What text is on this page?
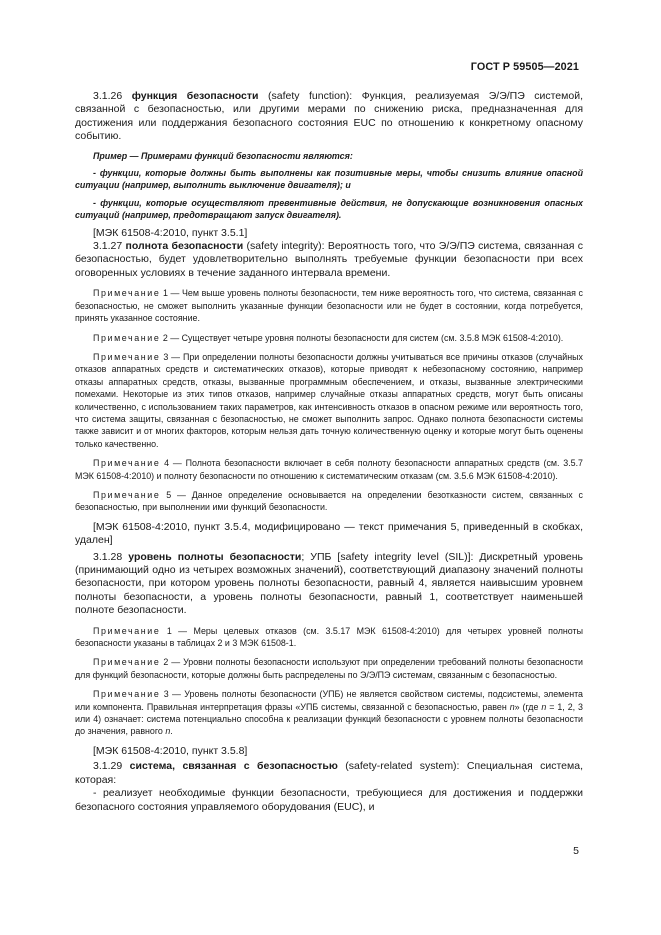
ГОСТ Р 59505—2021

3.1.26 функция безопасности (safety function): Функция, реализуемая Э/Э/ПЭ системой, связанной с безопасностью, или другими мерами по снижению риска, предназначенная для достижения или поддержания безопасного состояния EUC по отношению к конкретному опасному событию.

Пример — Примерами функций безопасности являются:

- функции, которые должны быть выполнены как позитивные меры, чтобы снизить влияние опасной ситуации (например, выполнить выключение двигателя); и

- функции, которые осуществляют превентивные действия, не допускающие возникновения опасных ситуаций (например, предотвращают запуск двигателя).

[МЭК 61508-4:2010, пункт 3.5.1]

3.1.27 полнота безопасности (safety integrity): Вероятность того, что Э/Э/ПЭ система, связанная с безопасностью, будет удовлетворительно выполнять требуемые функции безопасности при всех оговоренных условиях в течение заданного интервала времени.

Примечание 1 — Чем выше уровень полноты безопасности, тем ниже вероятность того, что система, связанная с безопасностью, не сможет выполнить указанные функции безопасности или не будет в состоянии, когда потребуется, принять указанное состояние.

Примечание 2 — Существует четыре уровня полноты безопасности для систем (см. 3.5.8 МЭК 61508-4:2010).

Примечание 3 — При определении полноты безопасности должны учитываться все причины отказов (случайных отказов аппаратных средств и систематических отказов), которые приводят к небезопасному состоянию, например отказы аппаратных средств, отказы, вызванные программным обеспечением, и отказы, вызванные электрическими помехами. Некоторые из этих типов отказов, например случайные отказы аппаратных средств, могут быть описаны количественно, с использованием таких параметров, как интенсивность отказов в опасном режиме или вероятность того, что система защиты, связанная с безопасностью, не сможет выполнить запрос. Однако полнота безопасности системы также зависит и от многих факторов, которым нельзя дать точную количественную оценку и которые могут быть оценены только качественно.

Примечание 4 — Полнота безопасности включает в себя полноту безопасности аппаратных средств (см. 3.5.7 МЭК 61508-4:2010) и полноту безопасности по отношению к систематическим отказам (см. 3.5.6 МЭК 61508-4:2010).

Примечание 5 — Данное определение основывается на определении безотказности систем, связанных с безопасностью, при выполнении ими функций безопасности.

[МЭК 61508-4:2010, пункт 3.5.4, модифицировано — текст примечания 5, приведенный в скобках, удален]

3.1.28 уровень полноты безопасности; УПБ [safety integrity level (SIL)]: Дискретный уровень (принимающий одно из четырех возможных значений), соответствующий диапазону значений полноты безопасности, при котором уровень полноты безопасности, равный 4, является наивысшим уровнем полноты безопасности, а уровень полноты безопасности, равный 1, соответствует наименьшей полноте безопасности.

Примечание 1 — Меры целевых отказов (см. 3.5.17 МЭК 61508-4:2010) для четырех уровней полноты безопасности указаны в таблицах 2 и 3 МЭК 61508-1.

Примечание 2 — Уровни полноты безопасности используют при определении требований полноты безопасности для функций безопасности, которые должны быть распределены по Э/Э/ПЭ системам, связанным с безопасностью.

Примечание 3 — Уровень полноты безопасности (УПБ) не является свойством системы, подсистемы, элемента или компонента. Правильная интерпретация фразы «УПБ системы, связанной с безопасностью, равен n» (где n = 1, 2, 3 или 4) означает: система потенциально способна к реализации функций безопасности с уровнем полноты безопасности до значения, равного n.

[МЭК 61508-4:2010, пункт 3.5.8]

3.1.29 система, связанная с безопасностью (safety-related system): Специальная система, которая:

- реализует необходимые функции безопасности, требующиеся для достижения и поддержки безопасного состояния управляемого оборудования (EUC), и

5
